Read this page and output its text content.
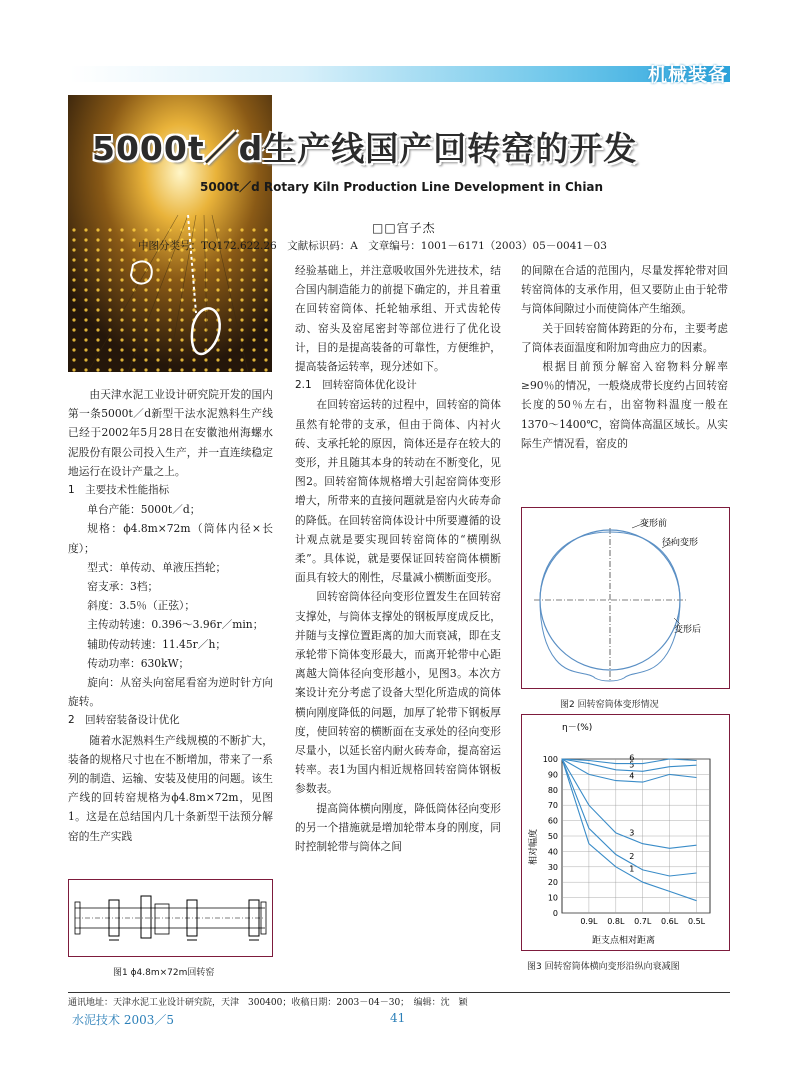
机械装备
5000t／d生产线国产回转窑的开发
5000t／d Rotary Kiln Production Line Development in Chian
□□宫子杰
中图分类号：TQ172.622.26　文献标识码：A　文章编号：1001－6171（2003）05－0041－03

由天津水泥工业设计研究院开发的国内第一条5000t／d新型干法水泥熟料生产线已经于2002年5月28日在安徽池州海螺水泥股份有限公司投入生产，并一直连续稳定地运行在设计产量之上。

1　主要技术性能指标

单台产能：5000t／d；

规格：ϕ4.8m×72m（筒体内径×长度）；

型式：单传动、单液压挡轮；

窑支承：3档；

斜度：3.5％（正弦）；

主传动转速：0.396～3.96r／min；

辅助传动转速：11.45r／h；

传动功率：630kW；

旋向：从窑头向窑尾看窑为逆时针方向旋转。

2　回转窑装备设计优化

随着水泥熟料生产线规模的不断扩大，装备的规格尺寸也在不断增加，带来了一系列的制造、运输、安装及使用的问题。该生产线的回转窑规格为ϕ4.8m×72m，见图1。这是在总结国内几十条新型干法预分解窑的生产实践

图1 ϕ4.8m×72m回转窑

经验基础上，并注意吸收国外先进技术，结合国内制造能力的前提下确定的，并且着重在回转窑筒体、托轮轴承组、开式齿轮传动、窑头及窑尾密封等部位进行了优化设计，目的是提高装备的可靠性，方便维护，提高装备运转率，现分述如下。

2.1　回转窑筒体优化设计

在回转窑运转的过程中，回转窑的筒体虽然有轮带的支承，但由于筒体、内衬火砖、支承托轮的原因，筒体还是存在较大的变形，并且随其本身的转动在不断变化，见图2。回转窑简体规格增大引起窑筒体变形增大，所带来的直接问题就是窑内火砖寿命的降低。在回转窑筒体设计中所要遵循的设计观点就是要实现回转窑筒体的“横刚纵柔”。具体说，就是要保证回转窑筒体横断面具有较大的刚性，尽量减小横断面变形。

回转窑筒体径向变形位置发生在回转窑支撑处，与筒体支撑处的钢板厚度成反比，并随与支撑位置距离的加大而衰减，即在支承轮带下筒体变形最大，而离开轮带中心距离越大筒体径向变形越小，见图3。本次方案设计充分考虑了设备大型化所造成的筒体横向刚度降低的问题，加厚了轮带下钢板厚度，使回转窑的横断面在支承处的径向变形尽量小，以延长窑内耐火砖寿命，提高窑运转率。表1为国内相近规格回转窑筒体钢板参数表。

提高筒体横向刚度，降低筒体径向变形的另一个措施就是增加轮带本身的刚度，同时控制轮带与筒体之间

的间隙在合适的范围内，尽量发挥轮带对回转窑筒体的支承作用，但又要防止由于轮带与筒体间隙过小而使筒体产生缩颈。

关于回转窑简体跨距的分布，主要考虑了筒体表面温度和附加弯曲应力的因素。

根据目前预分解窑入窑物料分解率≥90％的情况，一般烧成带长度约占回转窑长度的50％左右，出窑物料温度一般在1370～1400℃，窑筒体高温区域长。从实际生产情况看，窑皮的

变形前
径向变形
变形后
图2 回转窑筒体变形情况
η－(%)
相对幅度
距支点相对距离
1
2
3
4
5
6
0
10
20
30
40
50
60
70
80
90
100
0.9L 0.8L 0.7L 0.6L 0.5L
图3 回转窑筒体横向变形沿纵向衰减图
通讯地址：天津水泥工业设计研究院，天津　300400；收稿日期：2003－04－30；　编辑：沈　颖
水泥技术 2003／5	41
